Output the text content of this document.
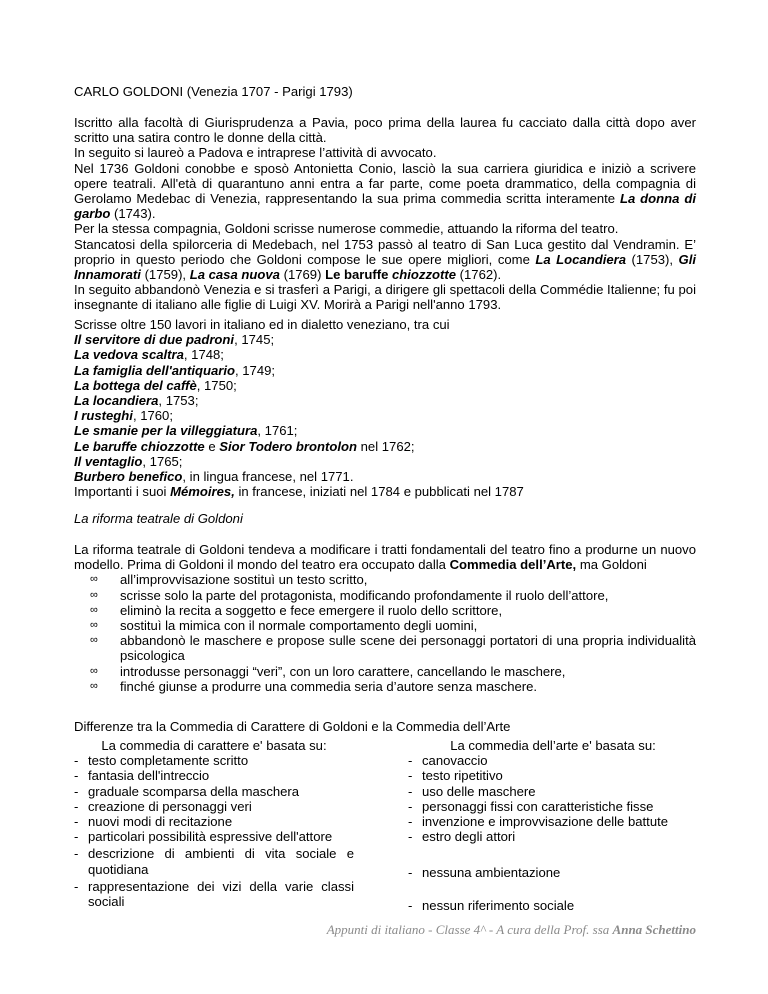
CARLO GOLDONI (Venezia 1707 - Parigi 1793)

Iscritto alla facoltà di Giurisprudenza a Pavia, poco prima della laurea fu cacciato dalla città dopo aver scritto una satira contro le donne della città.

In seguito si laureò a Padova e intraprese l’attività di avvocato.

Nel 1736 Goldoni conobbe e sposò Antonietta Conio, lasciò la sua carriera giuridica e iniziò a scrivere opere teatrali. All'età di quarantuno anni entra a far parte, come poeta drammatico, della compagnia di Gerolamo Medebac di Venezia, rappresentando la sua prima commedia scritta interamente La donna di garbo (1743).

Per la stessa compagnia, Goldoni scrisse numerose commedie, attuando la riforma del teatro.

Stancatosi della spilorceria di Medebach, nel 1753 passò al teatro di San Luca gestito dal Vendramin. E’ proprio in questo periodo che Goldoni compose le sue opere migliori, come La Locandiera (1753), Gli Innamorati (1759), La casa nuova (1769) Le baruffe chiozzotte (1762).

In seguito abbandonò Venezia e si trasferì a Parigi, a dirigere gli spettacoli della Commédie Italienne; fu poi insegnante di italiano alle figlie di Luigi XV. Morirà a Parigi nell'anno 1793.

Scrisse oltre 150 lavori in italiano ed in dialetto veneziano, tra cui
Il servitore di due padroni, 1745;
La vedova scaltra, 1748;
La famiglia dell'antiquario, 1749;
La bottega del caffè, 1750;
La locandiera, 1753;
I rusteghi, 1760;
Le smanie per la villeggiatura, 1761;
Le baruffe chiozzotte e Sior Todero brontolon nel 1762;
Il ventaglio, 1765;
Burbero benefico, in lingua francese, nel 1771.
Importanti i suoi Mémoires, in francese, iniziati nel 1784 e pubblicati nel 1787
La riforma teatrale di Goldoni
La riforma teatrale di Goldoni tendeva a modificare i tratti fondamentali del teatro fino a produrne un nuovo modello. Prima di Goldoni il mondo del teatro era occupato dalla Commedia dell’Arte, ma Goldoni
∞ all’improvvisazione sostituì un testo scritto,
∞ scrisse solo la parte del protagonista, modificando profondamente il ruolo dell’attore,
∞ eliminò la recita a soggetto e fece emergere il ruolo dello scrittore,
∞ sostituì la mimica con il normale comportamento degli uomini,
∞ abbandonò le maschere e propose sulle scene dei personaggi portatori di una propria individualità psicologica
∞ introdusse personaggi “veri”, con un loro carattere, cancellando le maschere,
∞ finché giunse a produrre una commedia seria d’autore senza maschere.
Differenze tra la Commedia di Carattere di Goldoni e la Commedia dell’Arte
La commedia di carattere e' basata su:
- testo completamente scritto
- fantasia dell'intreccio
- graduale scomparsa della maschera
- creazione di personaggi veri
- nuovi modi di recitazione
- particolari possibilità espressive dell'attore
- descrizione di ambienti di vita sociale e quotidiana
- rappresentazione dei vizi della varie classi sociali
La commedia dell’arte e' basata su:
- canovaccio
- testo ripetitivo
- uso delle maschere
- personaggi fissi con caratteristiche fisse
- invenzione e improvvisazione delle battute
- estro degli attori
- nessuna ambientazione
- nessun riferimento sociale
Appunti di italiano - Classe 4^ - A cura della Prof. ssa Anna Schettino
